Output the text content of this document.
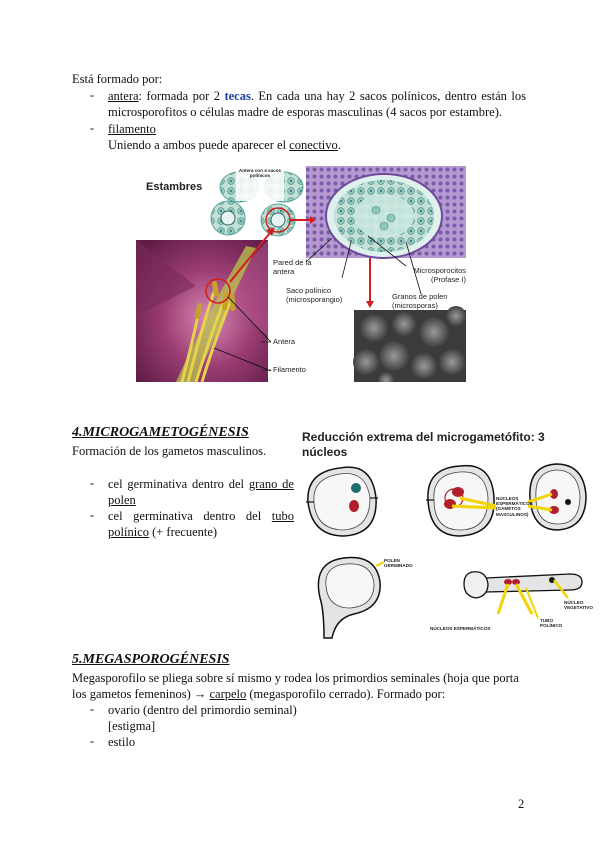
Está formado por:
- antera: formada por 2 tecas. En cada una hay 2 sacos polínicos, dentro están los microsporofitos o células madre de esporas masculinas (4 sacos por estambre).
- filamento
Uniendo a ambos puede aparecer el conectivo.
Estambres
Antera con 4 sacos polínicos
Pared de la antera	Microsporocitos (Profase I)
Saco polínico (microsporangio)	Granos de polen (microsporas)
Antera
Filamento
4.MICROGAMETOGÉNESIS
Formación de los gametos masculinos.
- cel germinativa dentro del grano de polen
- cel germinativa dentro del tubo polínico (+ frecuente)
Reducción extrema del microgametófito: 3 núcleos
NÚCLEOS ESPERMÁTICOS (GAMETOS MASCULINOS)
POLEN GERMINADO
NÚCLEO VEGETATIVO
TUBO POLÍNICO
NÚCLEOS ESPERMÁTICOS
5.MEGASPOROGÉNESIS
Megasporofilo se pliega sobre sí mismo y rodea los primordios seminales (hoja que porta los gametos femeninos) → carpelo (megasporofilo cerrado). Formado por:
- ovario (dentro del primordio seminal)
[estigma]
- estilo
2
